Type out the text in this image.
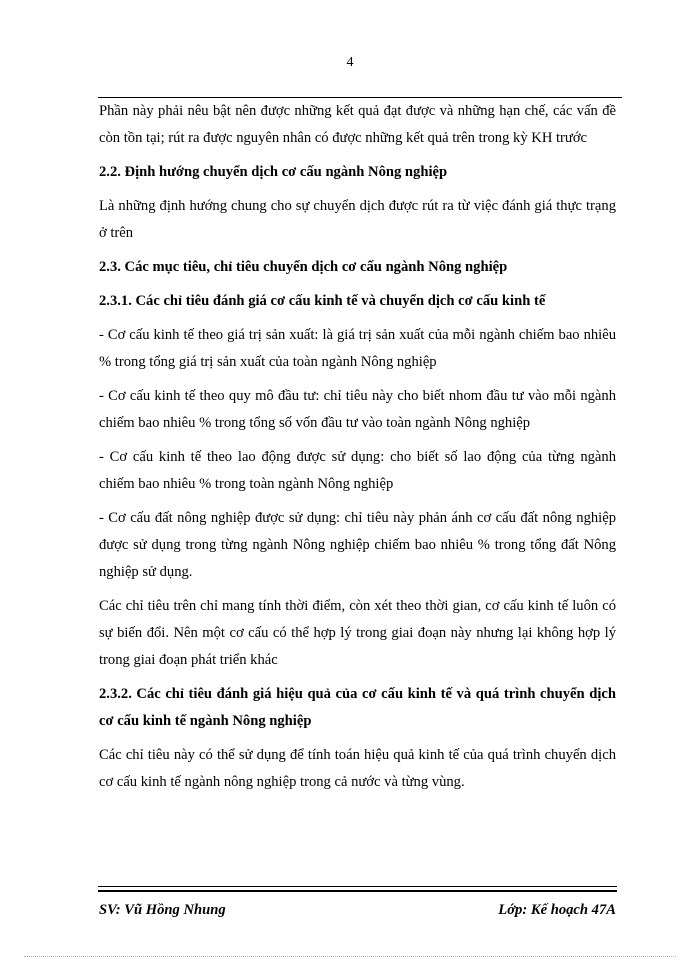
4

Phần này phải nêu bật nên được những kết quả đạt được và những hạn chế, các vấn đề còn tồn tại; rút ra được nguyên nhân có được những kết quả trên trong kỳ KH trước

2.2. Định hướng chuyển dịch cơ cấu ngành Nông nghiệp

Là những định hướng chung cho sự chuyển dịch được rút ra từ việc đánh giá thực trạng ở trên

2.3. Các mục tiêu, chỉ tiêu chuyển dịch cơ cấu ngành Nông nghiệp
2.3.1. Các chỉ tiêu đánh giá cơ cấu kinh tế và chuyển dịch cơ cấu kinh tế

- Cơ cấu kinh tế theo giá trị sản xuất: là giá trị sản xuất của mỗi ngành chiếm bao nhiêu % trong tổng giá trị sản xuất của toàn ngành Nông nghiệp

- Cơ cấu kinh tế theo quy mô đầu tư: chỉ tiêu này cho biết nhom đầu tư vào mỗi ngành chiếm bao nhiêu % trong tổng số vốn đầu tư vào toàn ngành Nông nghiệp

- Cơ cấu kinh tế theo lao động được sử dụng: cho biết số lao động của từng ngành chiếm bao nhiêu % trong toàn ngành Nông nghiệp

- Cơ cấu đất nông nghiệp được sử dụng: chỉ tiêu này phản ánh cơ cấu đất nông nghiệp được sử dụng trong từng ngành Nông nghiệp chiếm bao nhiêu % trong tổng đất Nông nghiệp sử dụng.

Các chỉ tiêu trên chỉ mang tính thời điểm, còn xét theo thời gian, cơ cấu kinh tế luôn có sự biến đổi. Nên một cơ cấu có thể hợp lý trong giai đoạn này nhưng lại không hợp lý trong giai đoạn phát triển khác

2.3.2. Các chỉ tiêu đánh giá hiệu quả của cơ cấu kinh tế và quá trình chuyển dịch cơ cấu kinh tế ngành Nông nghiệp

Các chỉ tiêu này có thể sử dụng để tính toán hiệu quả kinh tế của quá trình chuyển dịch cơ cấu kinh tế ngành nông nghiệp trong cả nước và từng vùng.

SV: Vũ Hồng Nhung	Lớp: Kế hoạch 47A
